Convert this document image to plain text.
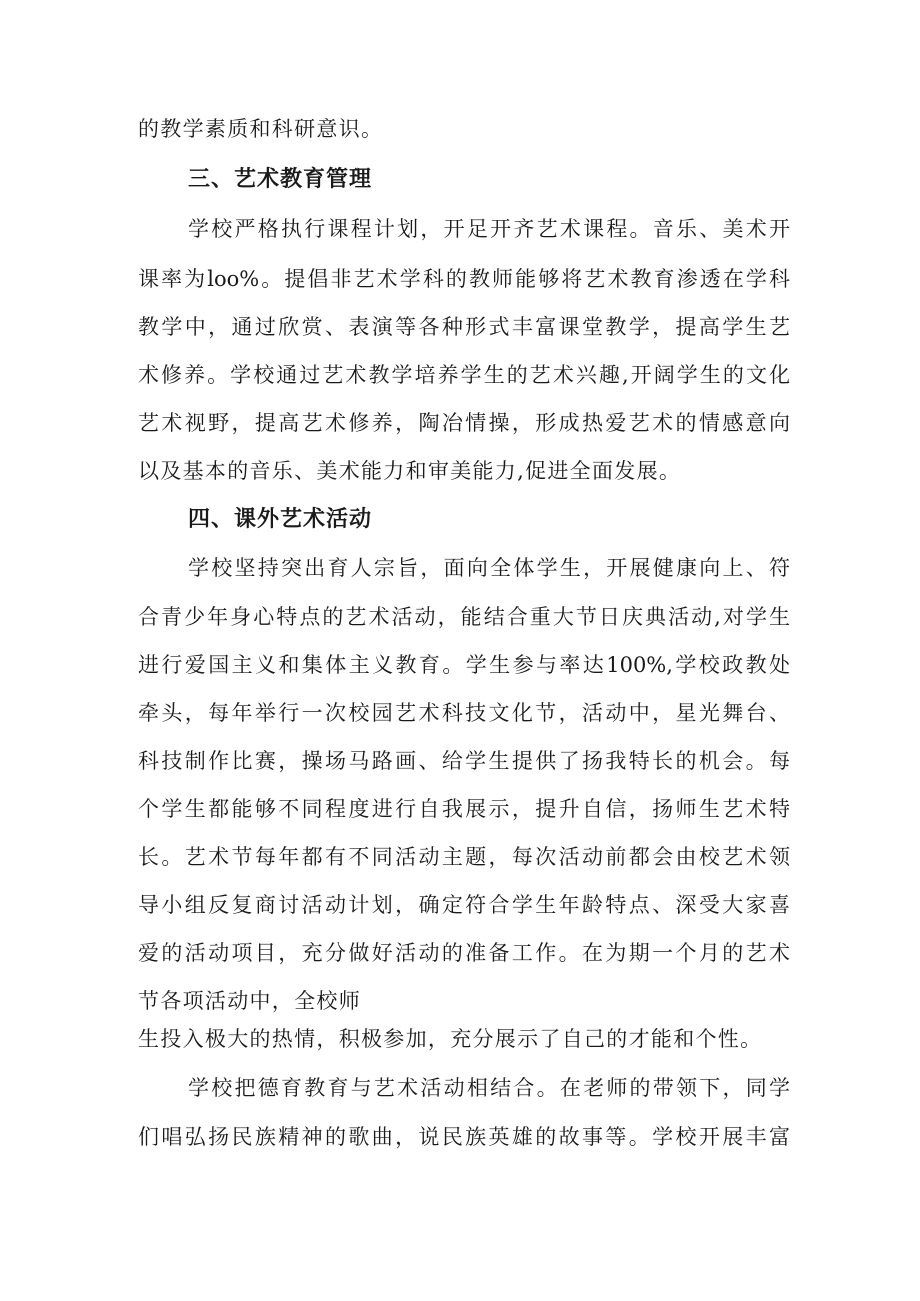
的教学素质和科研意识。
三、艺术教育管理
学校严格执行课程计划，开足开齐艺术课程。音乐、美术开
课率为loo%。提倡非艺术学科的教师能够将艺术教育渗透在学科
教学中，通过欣赏、表演等各种形式丰富课堂教学，提高学生艺
术修养。学校通过艺术教学培养学生的艺术兴趣,开阔学生的文化
艺术视野，提高艺术修养，陶冶情操，形成热爱艺术的情感意向
以及基本的音乐、美术能力和审美能力,促进全面发展。
四、课外艺术活动
学校坚持突出育人宗旨，面向全体学生，开展健康向上、符
合青少年身心特点的艺术活动，能结合重大节日庆典活动,对学生
进行爱国主义和集体主义教育。学生参与率达100%,学校政教处
牵头，每年举行一次校园艺术科技文化节，活动中，星光舞台、
科技制作比赛，操场马路画、给学生提供了扬我特长的机会。每
个学生都能够不同程度进行自我展示，提升自信，扬师生艺术特
长。艺术节每年都有不同活动主题，每次活动前都会由校艺术领
导小组反复商讨活动计划，确定符合学生年龄特点、深受大家喜
爱的活动项目，充分做好活动的准备工作。在为期一个月的艺术
节各项活动中，全校师
生投入极大的热情，积极参加，充分展示了自己的才能和个性。
学校把德育教育与艺术活动相结合。在老师的带领下，同学
们唱弘扬民族精神的歌曲，说民族英雄的故事等。学校开展丰富
